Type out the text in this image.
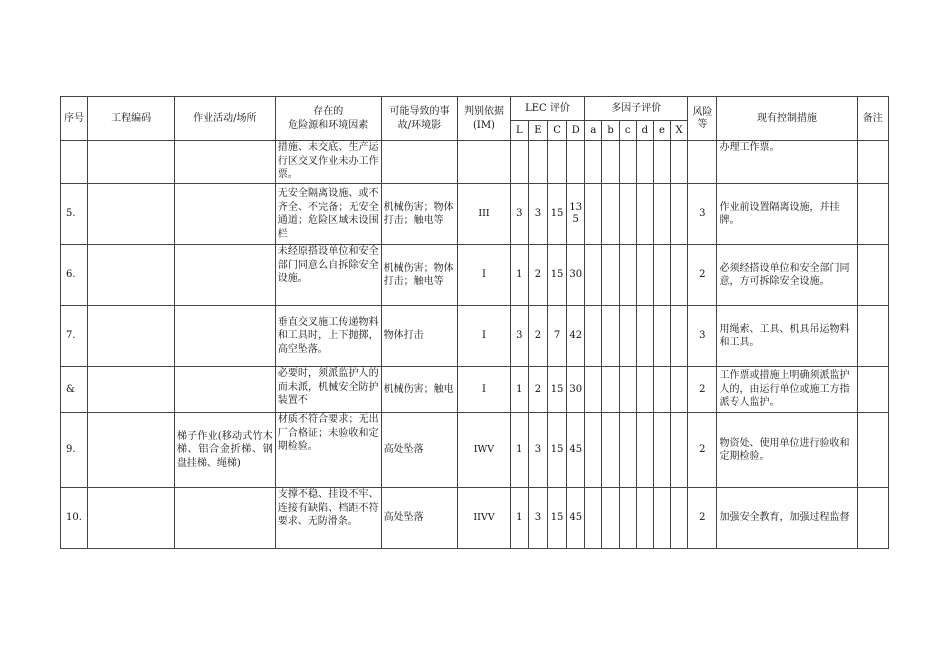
序号	工程编码	作业活动/场所	存在的
危险源和环境因素	可能导致的事故/环境影	判别依据(IM)	LEC 评价				多因子评价						风险等	现有控制措施	备注
						L	E	C	D	a	b	c	d	e	X			
			措施、未交底、生产运行区交叉作业未办工作票。														办理工作票。	
5.			无安全隔离设施、或不齐全、不完备；无安全通道；危险区域未设围栏	机械伤害；物体打击；触电等	III	3	3	15	135							3	作业前设置隔离设施，并挂牌。	
6.			未经原搭设单位和安全部门同意么自拆除安全设施。	机械伤害；物体打击；触电等	I	1	2	15	30							2	必须经搭设单位和安全部门同意，方可拆除安全设施。	
7.			垂直交叉施工传递物料和工具时，上下抛掷，高空坠落。	物体打击	I	3	2	7	42							3	用绳索、工具、机具吊运物料和工具。	
&			必要时，须派监护人的而未派，机械安全防护装置不	机械伤害；触电	I	1	2	15	30							2	工作票或措施上明确须派监护人的，由运行单位或施工方指派专人监护。	
9.		梯子作业(移动式竹木梯、铝合金折梯、钢盘挂梯、绳梯)	材质不符合要求；无出厂合格证；未验收和定期检验。	高处坠落	IWV	1	3	15	45							2	物资处、使用单位进行验收和定期检验。	
10.			支撑不稳、挂设不牢、连接有缺陷、档距不符要求、无防滑条。	高处坠落	IIVV	1	3	15	45							2	加强安全教育，加强过程监督	
